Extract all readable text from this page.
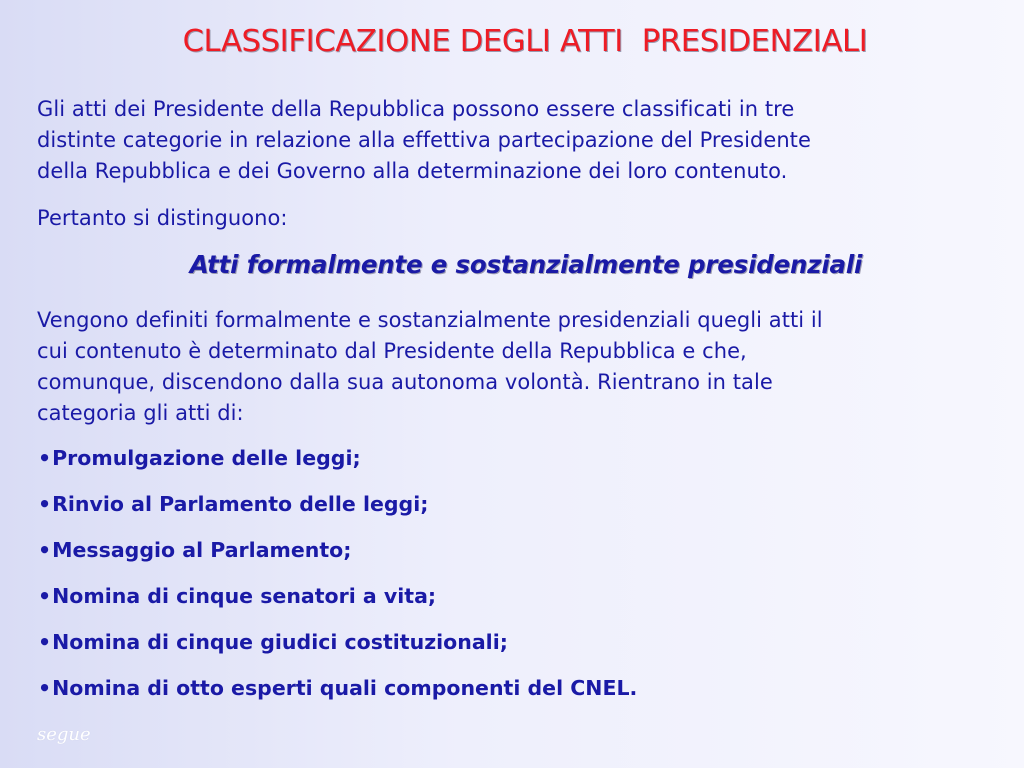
CLASSIFICAZIONE DEGLI ATTI  PRESIDENZIALI

Gli atti dei Presidente della Repubblica possono essere classificati in tre
distinte categorie in relazione alla effettiva partecipazione del Presidente
della Repubblica e dei Governo alla determinazione dei loro contenuto.

Pertanto si distinguono:

Atti formalmente e sostanzialmente presidenziali

Vengono definiti formalmente e sostanzialmente presidenziali quegli atti il
cui contenuto è determinato dal Presidente della Repubblica e che,
comunque, discendono dalla sua autonoma volontà. Rientrano in tale
categoria gli atti di:

•Promulgazione delle leggi;
•Rinvio al Parlamento delle leggi;
•Messaggio al Parlamento;
•Nomina di cinque senatori a vita;
•Nomina di cinque giudici costituzionali;
•Nomina di otto esperti quali componenti del CNEL.
segue
